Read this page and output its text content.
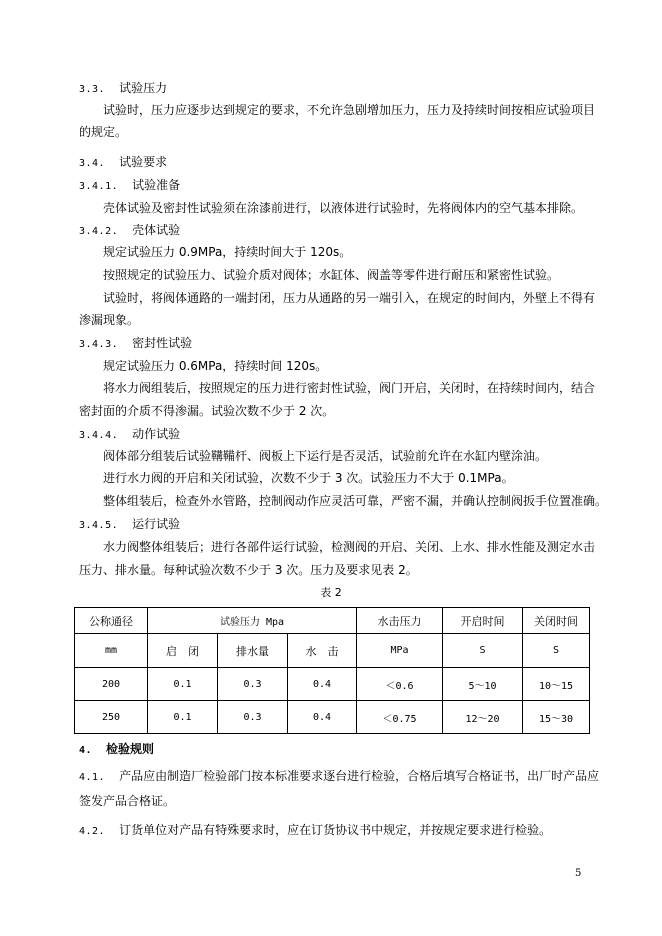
3.3. 试验压力
试验时，压力应逐步达到规定的要求，不允许急剧增加压力，压力及持续时间按相应试验项目
的规定。
3.4. 试验要求
3.4.1. 试验准备
壳体试验及密封性试验须在涂漆前进行，以液体进行试验时，先将阀体内的空气基本排除。
3.4.2. 壳体试验
规定试验压力 0.9MPa，持续时间大于 120s。
按照规定的试验压力、试验介质对阀体；水缸体、阀盖等零件进行耐压和紧密性试验。
试验时，将阀体通路的一端封闭，压力从通路的另一端引入，在规定的时间内，外壁上不得有
渗漏现象。
3.4.3. 密封性试验
规定试验压力 0.6MPa，持续时间 120s。
将水力阀组装后，按照规定的压力进行密封性试验，阀门开启，关闭时，在持续时间内，结合
密封面的介质不得渗漏。试验次数不少于 2 次。
3.4.4. 动作试验
阀体部分组装后试验鞲鞴杆、阀板上下运行是否灵活，试验前允许在水缸内壁涂油。
进行水力阀的开启和关闭试验，次数不少于 3 次。试验压力不大于 0.1MPa。
整体组装后，检查外水管路，控制阀动作应灵活可靠，严密不漏，并确认控制阀扳手位置准确。
3.4.5. 运行试验
水力阀整体组装后；进行各部件运行试验，检测阀的开启、关闭、上水、排水性能及测定水击
压力、排水量。每种试验次数不少于 3 次。压力及要求见表 2。
表 2
公称通径	试验压力 Mpa			水击压力	开启时间	关闭时间
mm	启　闭	排水量	水　击	MPa	S	S
200	0.1	0.3	0.4	＜0.6	5～10	10～15
250	0.1	0.3	0.4	＜0.75	12～20	15～30
4. 检验规则
4.1. 产品应由制造厂检验部门按本标准要求逐台进行检验，合格后填写合格证书，出厂时产品应
签发产品合格证。
4.2. 订货单位对产品有特殊要求时，应在订货协议书中规定，并按规定要求进行检验。
5
